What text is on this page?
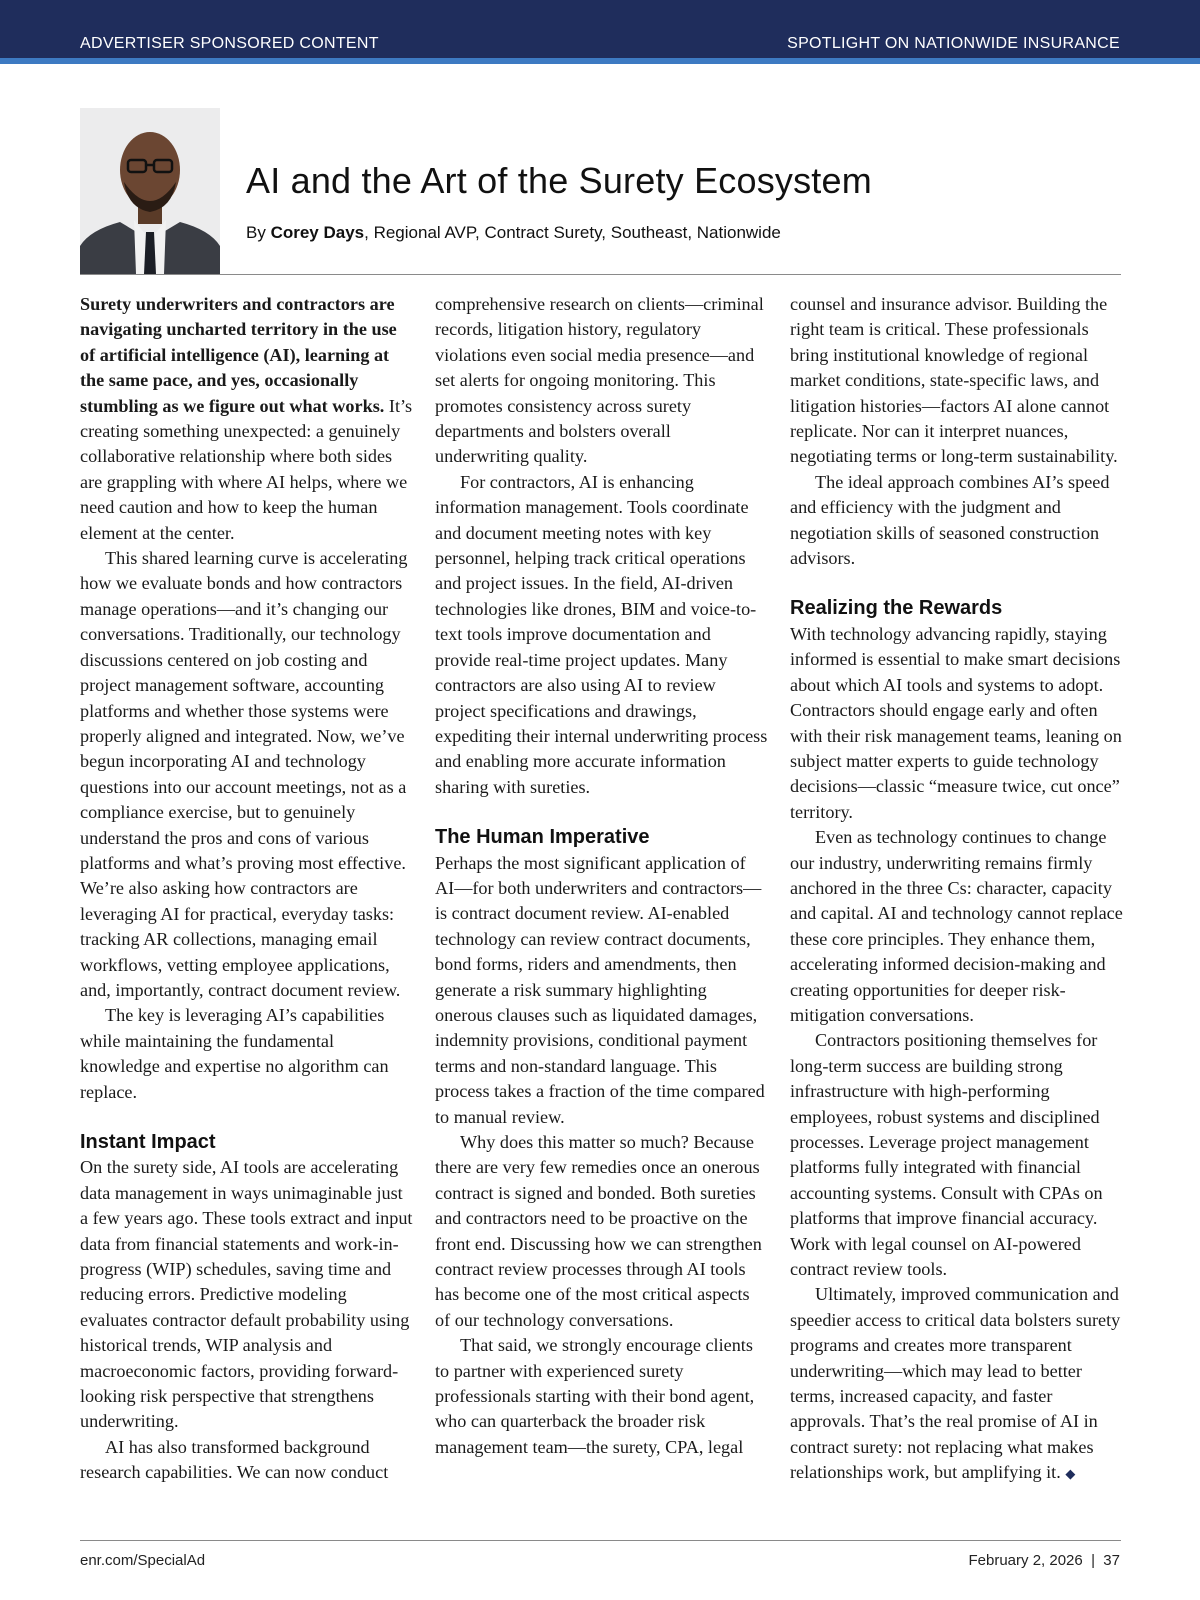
ADVERTISER SPONSORED CONTENT	SPOTLIGHT ON NATIONWIDE INSURANCE
AI and the Art of the Surety Ecosystem
By Corey Days, Regional AVP, Contract Surety, Southeast, Nationwide

Surety underwriters and contractors are navigating uncharted territory in the use of artificial intelligence (AI), learning at the same pace, and yes, occasionally stumbling as we figure out what works. It’s creating something unexpected: a genuinely collaborative relationship where both sides are grappling with where AI helps, where we need caution and how to keep the human element at the center.

This shared learning curve is accelerating how we evaluate bonds and how contractors manage operations—and it’s changing our conversations. Traditionally, our technology discussions centered on job costing and project management software, accounting platforms and whether those systems were properly aligned and integrated. Now, we’ve begun incorporating AI and technology questions into our account meetings, not as a compliance exercise, but to genuinely understand the pros and cons of various platforms and what’s proving most effective. We’re also asking how contractors are leveraging AI for practical, everyday tasks: tracking AR collections, managing email workflows, vetting employee applications, and, importantly, contract document review.

The key is leveraging AI’s capabilities while maintaining the fundamental knowledge and expertise no algorithm can replace.

Instant Impact

On the surety side, AI tools are accelerating data management in ways unimaginable just a few years ago. These tools extract and input data from financial statements and work-in-progress (WIP) schedules, saving time and reducing errors. Predictive modeling evaluates contractor default probability using historical trends, WIP analysis and macroeconomic factors, providing forward-looking risk perspective that strengthens underwriting.

AI has also transformed background research capabilities. We can now conduct

comprehensive research on clients—criminal records, litigation history, regulatory violations even social media presence—and set alerts for ongoing monitoring. This promotes consistency across surety departments and bolsters overall underwriting quality.

For contractors, AI is enhancing information management. Tools coordinate and document meeting notes with key personnel, helping track critical operations and project issues. In the field, AI-driven technologies like drones, BIM and voice-to-text tools improve documentation and provide real-time project updates. Many contractors are also using AI to review project specifications and drawings, expediting their internal underwriting process and enabling more accurate information sharing with sureties.

The Human Imperative

Perhaps the most significant application of AI—for both underwriters and contractors—is contract document review. AI-enabled technology can review contract documents, bond forms, riders and amendments, then generate a risk summary highlighting onerous clauses such as liquidated damages, indemnity provisions, conditional payment terms and non-standard language. This process takes a fraction of the time compared to manual review.

Why does this matter so much? Because there are very few remedies once an onerous contract is signed and bonded. Both sureties and contractors need to be proactive on the front end. Discussing how we can strengthen contract review processes through AI tools has become one of the most critical aspects of our technology conversations.

That said, we strongly encourage clients to partner with experienced surety professionals starting with their bond agent, who can quarterback the broader risk management team—the surety, CPA, legal

counsel and insurance advisor. Building the right team is critical. These professionals bring institutional knowledge of regional market conditions, state-specific laws, and litigation histories—factors AI alone cannot replicate. Nor can it interpret nuances, negotiating terms or long-term sustainability.

The ideal approach combines AI’s speed and efficiency with the judgment and negotiation skills of seasoned construction advisors.

Realizing the Rewards

With technology advancing rapidly, staying informed is essential to make smart decisions about which AI tools and systems to adopt. Contractors should engage early and often with their risk management teams, leaning on subject matter experts to guide technology decisions—classic “measure twice, cut once” territory.

Even as technology continues to change our industry, underwriting remains firmly anchored in the three Cs: character, capacity and capital. AI and technology cannot replace these core principles. They enhance them, accelerating informed decision-making and creating opportunities for deeper risk-mitigation conversations.

Contractors positioning themselves for long-term success are building strong infrastructure with high-performing employees, robust systems and disciplined processes. Leverage project management platforms fully integrated with financial accounting systems. Consult with CPAs on platforms that improve financial accuracy. Work with legal counsel on AI-powered contract review tools.

Ultimately, improved communication and speedier access to critical data bolsters surety programs and creates more transparent underwriting—which may lead to better terms, increased capacity, and faster approvals. That’s the real promise of AI in contract surety: not replacing what makes relationships work, but amplifying it. ◆

enr.com/SpecialAd	February 2, 2026  |  37
